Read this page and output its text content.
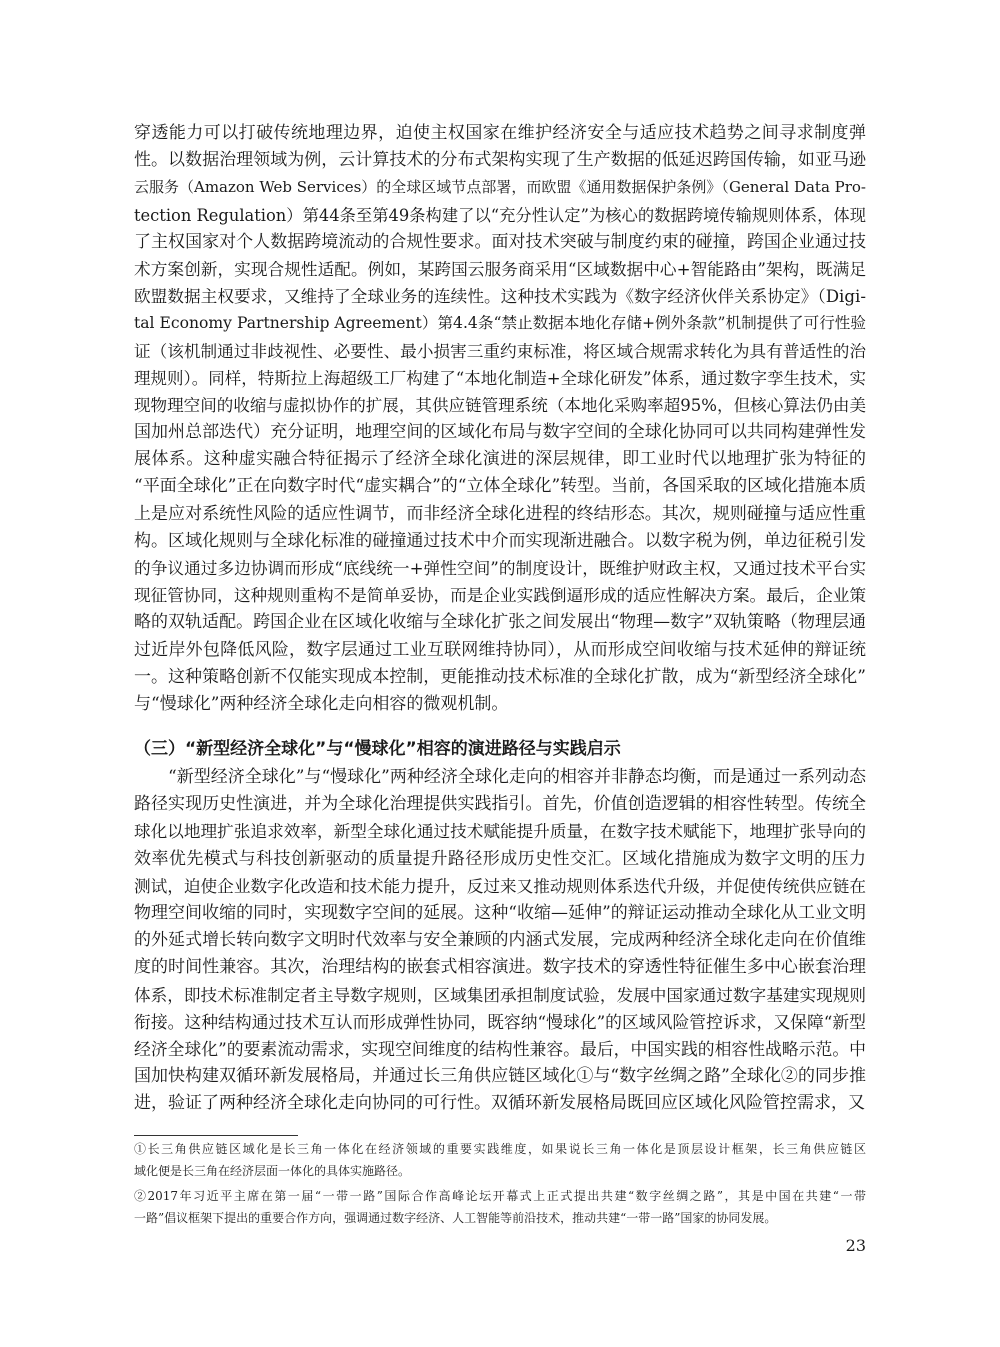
穿透能力可以打破传统地理边界，迫使主权国家在维护经济安全与适应技术趋势之间寻求制度弹
性。以数据治理领域为例，云计算技术的分布式架构实现了生产数据的低延迟跨国传输，如亚马逊
云服务（Amazon Web Services）的全球区域节点部署，而欧盟《通用数据保护条例》（General Data Pro-
tection Regulation）第44条至第49条构建了以“充分性认定”为核心的数据跨境传输规则体系，体现
了主权国家对个人数据跨境流动的合规性要求。面对技术突破与制度约束的碰撞，跨国企业通过技
术方案创新，实现合规性适配。例如，某跨国云服务商采用“区域数据中心+智能路由”架构，既满足
欧盟数据主权要求，又维持了全球业务的连续性。这种技术实践为《数字经济伙伴关系协定》（Digi-
tal Economy Partnership Agreement）第4.4条“禁止数据本地化存储+例外条款”机制提供了可行性验
证（该机制通过非歧视性、必要性、最小损害三重约束标准，将区域合规需求转化为具有普适性的治
理规则）。同样，特斯拉上海超级工厂构建了“本地化制造+全球化研发”体系，通过数字孪生技术，实
现物理空间的收缩与虚拟协作的扩展，其供应链管理系统（本地化采购率超95%，但核心算法仍由美
国加州总部迭代）充分证明，地理空间的区域化布局与数字空间的全球化协同可以共同构建弹性发
展体系。这种虚实融合特征揭示了经济全球化演进的深层规律，即工业时代以地理扩张为特征的
“平面全球化”正在向数字时代“虚实耦合”的“立体全球化”转型。当前，各国采取的区域化措施本质
上是应对系统性风险的适应性调节，而非经济全球化进程的终结形态。其次，规则碰撞与适应性重
构。区域化规则与全球化标准的碰撞通过技术中介而实现渐进融合。以数字税为例，单边征税引发
的争议通过多边协调而形成“底线统一+弹性空间”的制度设计，既维护财政主权，又通过技术平台实
现征管协同，这种规则重构不是简单妥协，而是企业实践倒逼形成的适应性解决方案。最后，企业策
略的双轨适配。跨国企业在区域化收缩与全球化扩张之间发展出“物理—数字”双轨策略（物理层通
过近岸外包降低风险，数字层通过工业互联网维持协同），从而形成空间收缩与技术延伸的辩证统
一。这种策略创新不仅能实现成本控制，更能推动技术标准的全球化扩散，成为“新型经济全球化”
与“慢球化”两种经济全球化走向相容的微观机制。
（三）“新型经济全球化”与“慢球化”相容的演进路径与实践启示
　　“新型经济全球化”与“慢球化”两种经济全球化走向的相容并非静态均衡，而是通过一系列动态
路径实现历史性演进，并为全球化治理提供实践指引。首先，价值创造逻辑的相容性转型。传统全
球化以地理扩张追求效率，新型全球化通过技术赋能提升质量，在数字技术赋能下，地理扩张导向的
效率优先模式与科技创新驱动的质量提升路径形成历史性交汇。区域化措施成为数字文明的压力
测试，迫使企业数字化改造和技术能力提升，反过来又推动规则体系迭代升级，并促使传统供应链在
物理空间收缩的同时，实现数字空间的延展。这种“收缩—延伸”的辩证运动推动全球化从工业文明
的外延式增长转向数字文明时代效率与安全兼顾的内涵式发展，完成两种经济全球化走向在价值维
度的时间性兼容。其次，治理结构的嵌套式相容演进。数字技术的穿透性特征催生多中心嵌套治理
体系，即技术标准制定者主导数字规则，区域集团承担制度试验，发展中国家通过数字基建实现规则
衔接。这种结构通过技术互认而形成弹性协同，既容纳“慢球化”的区域风险管控诉求，又保障“新型
经济全球化”的要素流动需求，实现空间维度的结构性兼容。最后，中国实践的相容性战略示范。中
国加快构建双循环新发展格局，并通过长三角供应链区域化①与“数字丝绸之路”全球化②的同步推
进，验证了两种经济全球化走向协同的可行性。双循环新发展格局既回应区域化风险管控需求，又
①长三角供应链区域化是长三角一体化在经济领域的重要实践维度，如果说长三角一体化是顶层设计框架，长三角供应链区
域化便是长三角在经济层面一体化的具体实施路径。
②2017年习近平主席在第一届“一带一路”国际合作高峰论坛开幕式上正式提出共建“数字丝绸之路”，其是中国在共建“一带
一路”倡议框架下提出的重要合作方向，强调通过数字经济、人工智能等前沿技术，推动共建“一带一路”国家的协同发展。
23
